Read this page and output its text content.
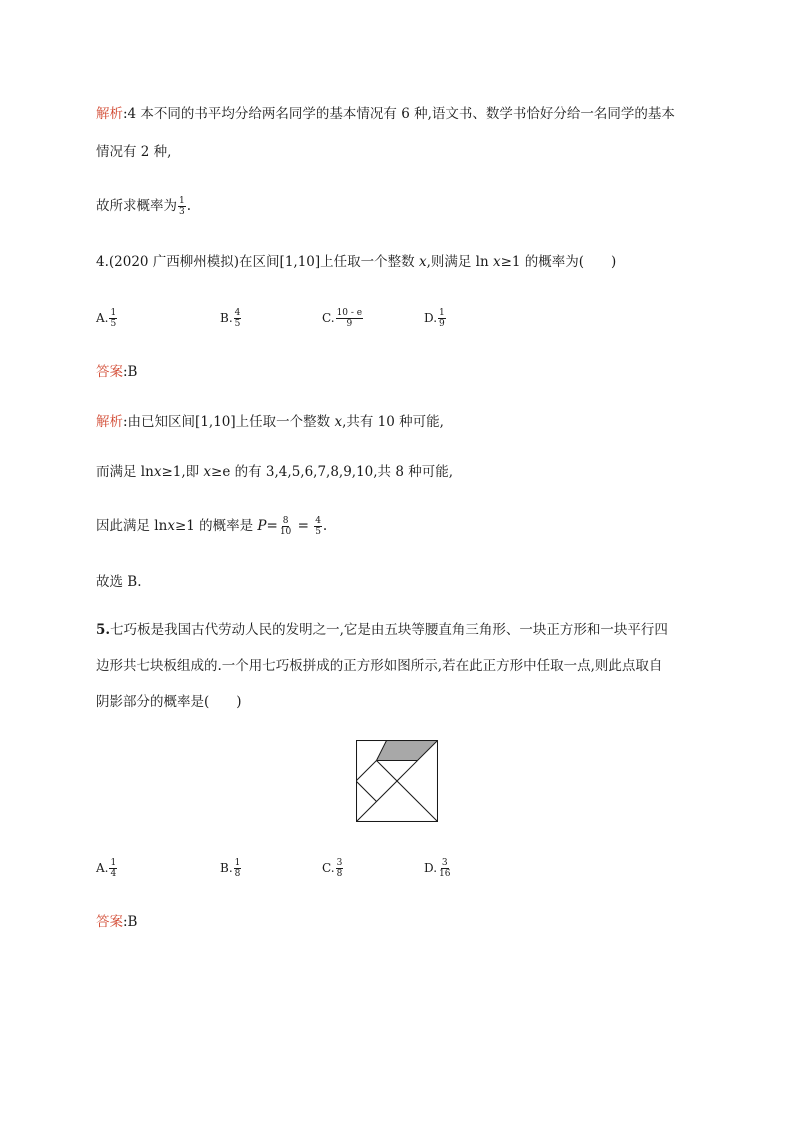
解析:4 本不同的书平均分给两名同学的基本情况有 6 种,语文书、数学书恰好分给一名同学的基本
情况有 2 种,
故所求概率为 $\frac{1}{3}$ .
4.(2020 广西柳州模拟)在区间[1,10]上任取一个整数 x,则满足 ln x≥1 的概率为(　　)
A. $\frac{1}{5}$	B. $\frac{4}{5}$	C. $\frac{10 - e}{9}$	D. $\frac{1}{9}$
答案:B
解析:由已知区间[1,10]上任取一个整数 x,共有 10 种可能,
而满足 lnx≥1,即 x≥e 的有 3,4,5,6,7,8,9,10,共 8 种可能,
因此满足 lnx≥1 的概率是 $P= \frac{8}{10} = \frac{4}{5}$ .
故选 B.
5.七巧板是我国古代劳动人民的发明之一,它是由五块等腰直角三角形、一块正方形和一块平行四
边形共七块板组成的.一个用七巧板拼成的正方形如图所示,若在此正方形中任取一点,则此点取自
阴影部分的概率是(　　)
A. $\frac{1}{4}$	B. $\frac{1}{8}$	C. $\frac{3}{8}$	D. $\frac{3}{16}$
答案:B
